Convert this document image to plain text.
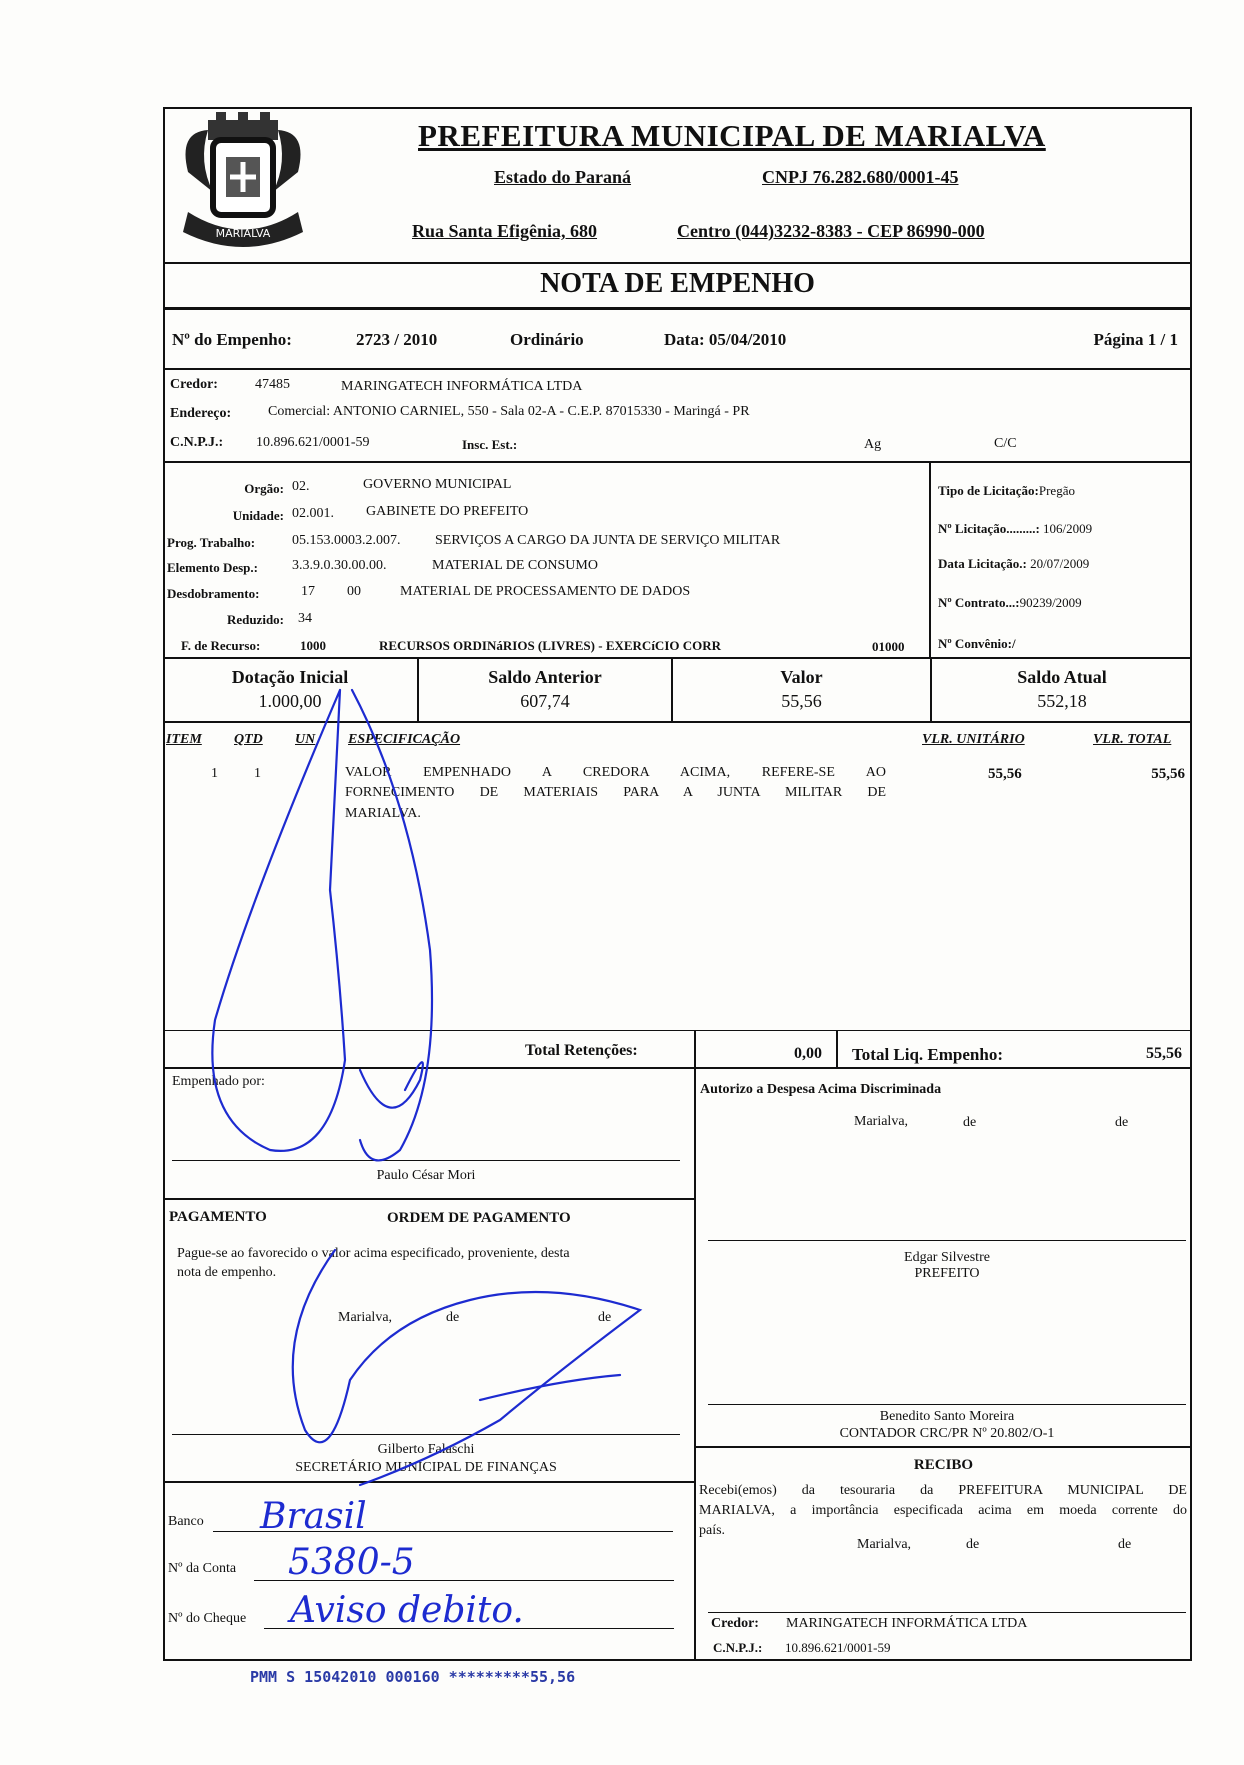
MARIALVA
PREFEITURA MUNICIPAL DE MARIALVA
Estado do Paraná	CNPJ 76.282.680/0001-45
Rua Santa Efigênia, 680	Centro (044)3232-8383 - CEP 86990-000
NOTA DE EMPENHO
Nº do Empenho:	2723 / 2010	Ordinário	Data: 05/04/2010	Página 1 / 1
Credor:	47485	MARINGATECH INFORMÁTICA LTDA
Endereço:	Comercial: ANTONIO CARNIEL, 550 - Sala 02-A - C.E.P. 87015330 - Maringá - PR
C.N.P.J.: 10.896.621/0001-59	Insc. Est.:	Ag	C/C
Orgão: 02.	GOVERNO MUNICIPAL
Unidade: 02.001. GABINETE DO PREFEITO
Prog. Trabalho:	05.153.0003.2.007. SERVIÇOS A CARGO DA JUNTA DE SERVIÇO MILITAR
Elemento Desp.: 3.3.9.0.30.00.00.	MATERIAL DE CONSUMO
Desdobramento:	17 00	MATERIAL DE PROCESSAMENTO DE DADOS
Reduzido: 34
F. de Recurso:	1000	RECURSOS ORDINáRIOS (LIVRES) - EXERCíCIO CORR	01000
Tipo de Licitação:Pregão
Nº Licitação.........: 106/2009
Data Licitação.: 20/07/2009
Nº Contrato...:90239/2009
Nº Convênio:/
Dotação Inicial
1.000,00
Saldo Anterior
607,74
Valor
55,56
Saldo Atual
552,18
ITEM QTD UN ESPECIFICAÇÃO	VLR. UNITÁRIO	VLR. TOTAL
1	1	VALOR EMPENHADO A CREDORA ACIMA, REFERE-SE AO
FORNECIMENTO DE MATERIAIS PARA A JUNTA MILITAR DE
MARIALVA.
55,56	55,56
Total Retenções:	0,00 Total Liq. Empenho:	55,56
Empenhado por:
Paulo César Mori
Autorizo a Despesa Acima Discriminada
Marialva,	de	de
Edgar Silvestre
PREFEITO
Benedito Santo Moreira
CONTADOR CRC/PR Nº 20.802/O-1
PAGAMENTO	ORDEM DE PAGAMENTO
Pague-se ao favorecido o valor acima especificado, proveniente, desta
nota de empenho.
Marialva,	de	de
Gilberto Falaschi
SECRETÁRIO MUNICIPAL DE FINANÇAS
Banco Brasil
Nº da Conta 5380-5
Nº do Cheque Aviso debito.
RECIBO
Recebi(emos) da tesouraria da PREFEITURA MUNICIPAL DE
MARIALVA, a importância especificada acima em moeda corrente do
país.
Marialva,	de	de
Credor: MARINGATECH INFORMÁTICA LTDA
C.N.P.J.: 10.896.621/0001-59
PMM S 15042010 000160 *********55,56
